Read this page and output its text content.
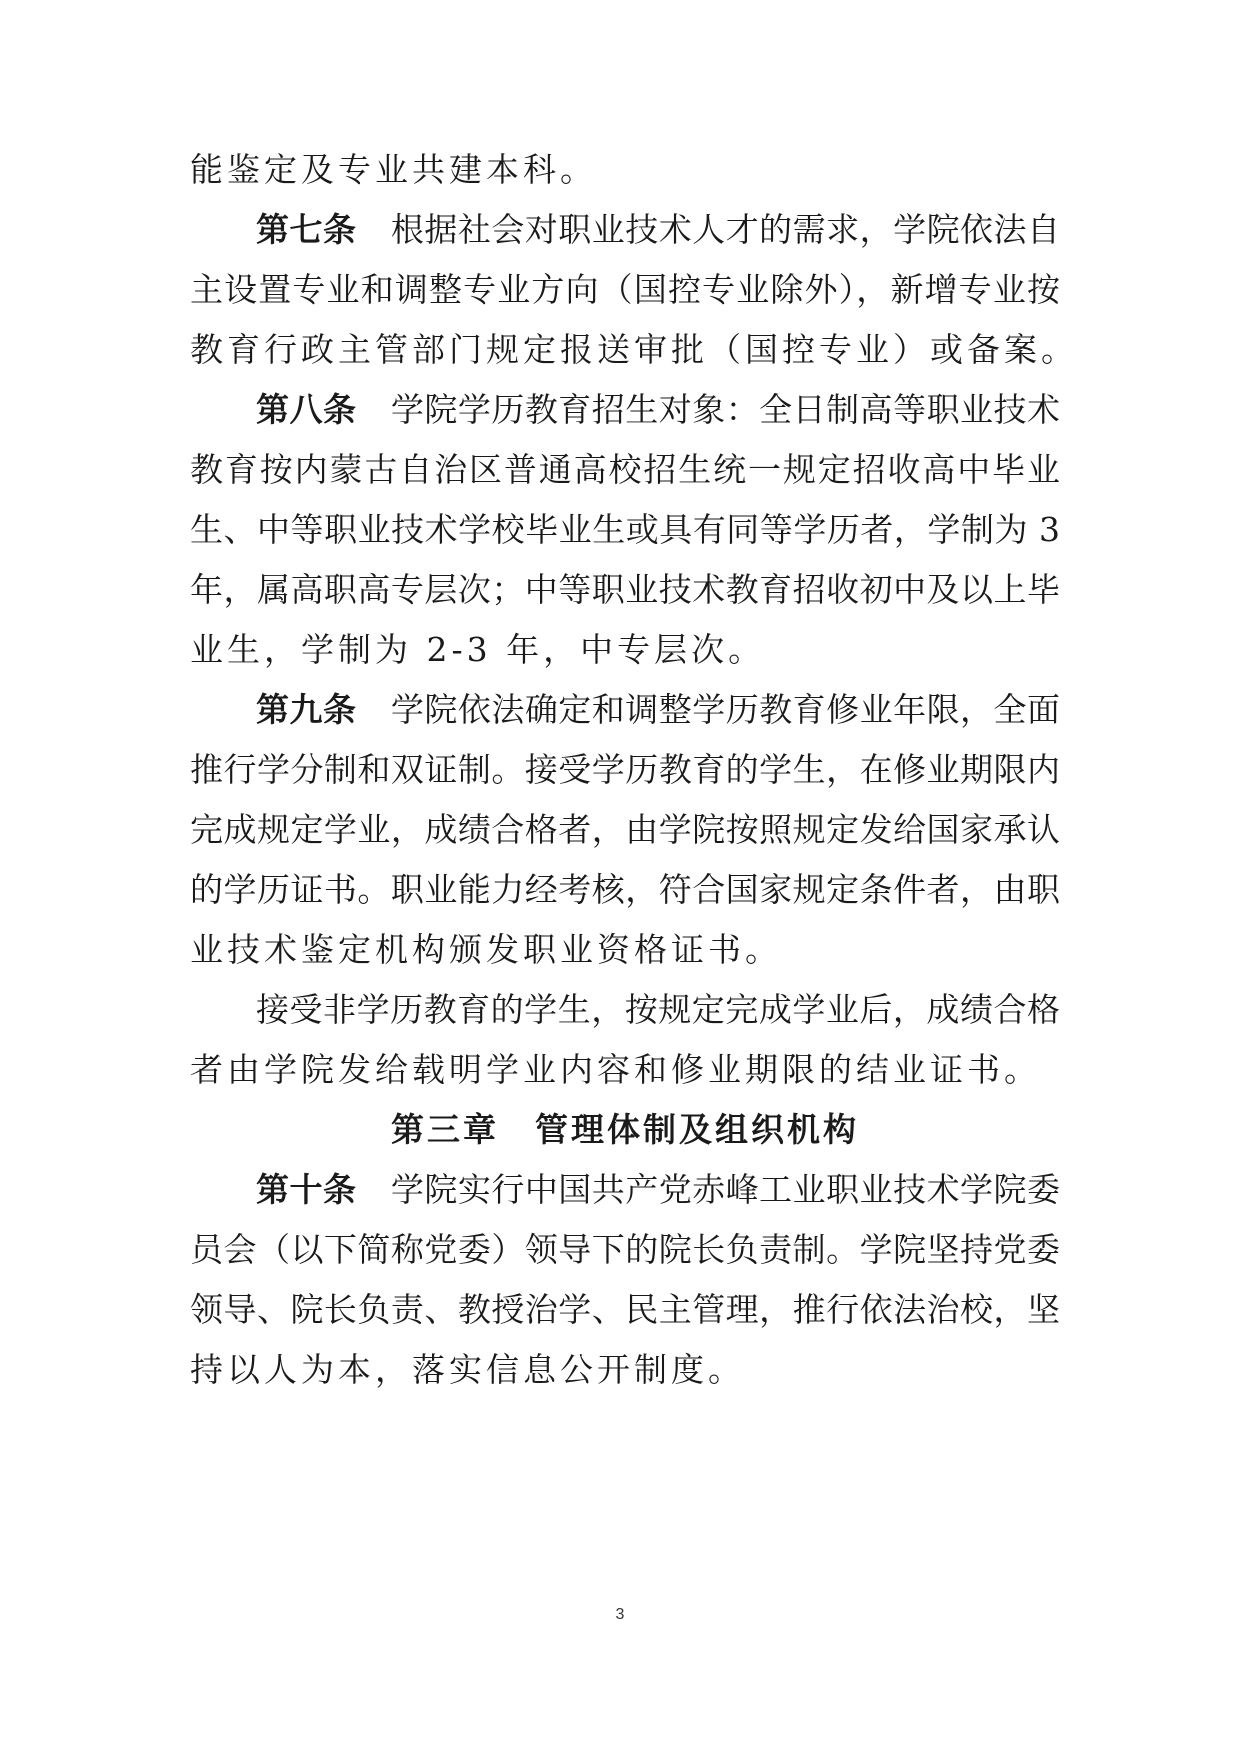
能鉴定及专业共建本科。
第七条 根据社会对职业技术人才的需求，学院依法自
主设置专业和调整专业方向（国控专业除外），新增专业按
教育行政主管部门规定报送审批（国控专业）或备案。
第八条 学院学历教育招生对象：全日制高等职业技术
教育按内蒙古自治区普通高校招生统一规定招收高中毕业
生、中等职业技术学校毕业生或具有同等学历者，学制为 3
年，属高职高专层次；中等职业技术教育招收初中及以上毕
业生，学制为 2-3 年，中专层次。
第九条 学院依法确定和调整学历教育修业年限，全面
推行学分制和双证制。接受学历教育的学生，在修业期限内
完成规定学业，成绩合格者，由学院按照规定发给国家承认
的学历证书。职业能力经考核，符合国家规定条件者，由职
业技术鉴定机构颁发职业资格证书。
接受非学历教育的学生，按规定完成学业后，成绩合格
者由学院发给载明学业内容和修业期限的结业证书。
第三章　管理体制及组织机构
第十条 学院实行中国共产党赤峰工业职业技术学院委
员会（以下简称党委）领导下的院长负责制。学院坚持党委
领导、院长负责、教授治学、民主管理，推行依法治校，坚
持以人为本，落实信息公开制度。
3
